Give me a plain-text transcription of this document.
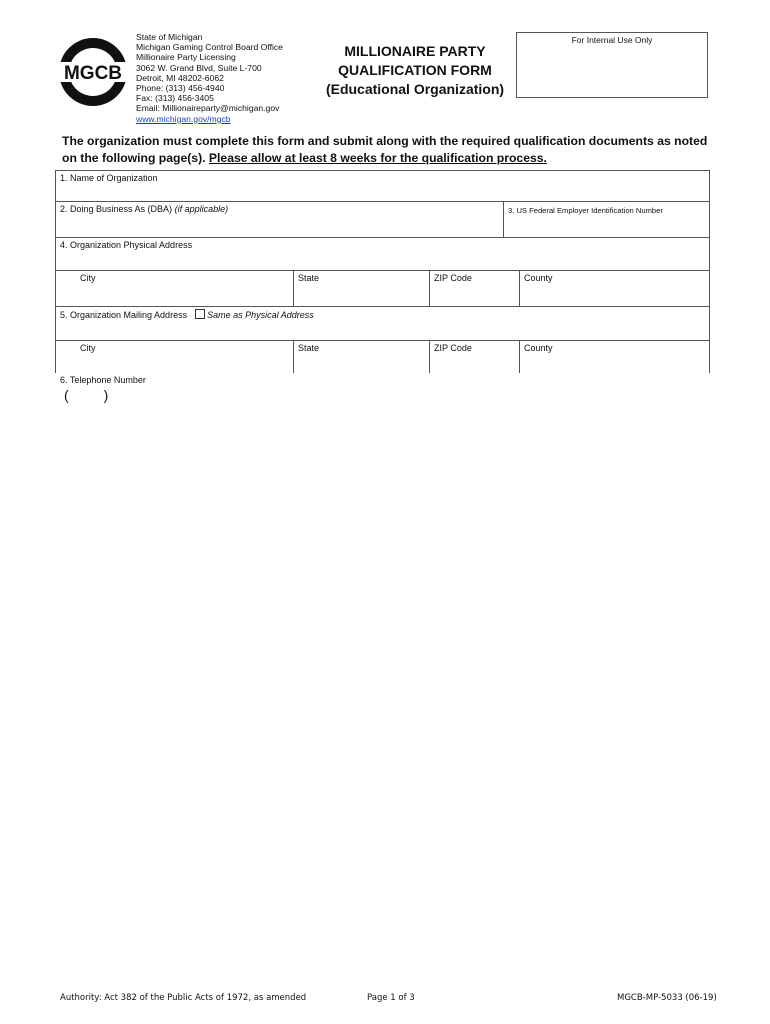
MGCB
State of Michigan
Michigan Gaming Control Board Office
Millionaire Party Licensing
3062 W. Grand Blvd, Suite L-700
Detroit, MI 48202-6062
Phone: (313) 456-4940
Fax: (313) 456-3405
Email: Millionaireparty@michigan.gov
www.michigan.gov/mgcb
MILLIONAIRE PARTY
QUALIFICATION FORM
(Educational Organization)
For Internal Use Only
The organization must complete this form and submit along with the required qualification documents as noted on the following page(s). Please allow at least 8 weeks for the qualification process.
1. Name of Organization
2. Doing Business As (DBA) (if applicable)	3. US Federal Employer Identification Number
4. Organization Physical Address
City	State	ZIP Code	County
5. Organization Mailing Address Same as Physical Address
City	State	ZIP Code	County
6. Telephone Number
(         )
Authority: Act 382 of the Public Acts of 1972, as amended	Page 1 of 3	MGCB-MP-5033 (06-19)
